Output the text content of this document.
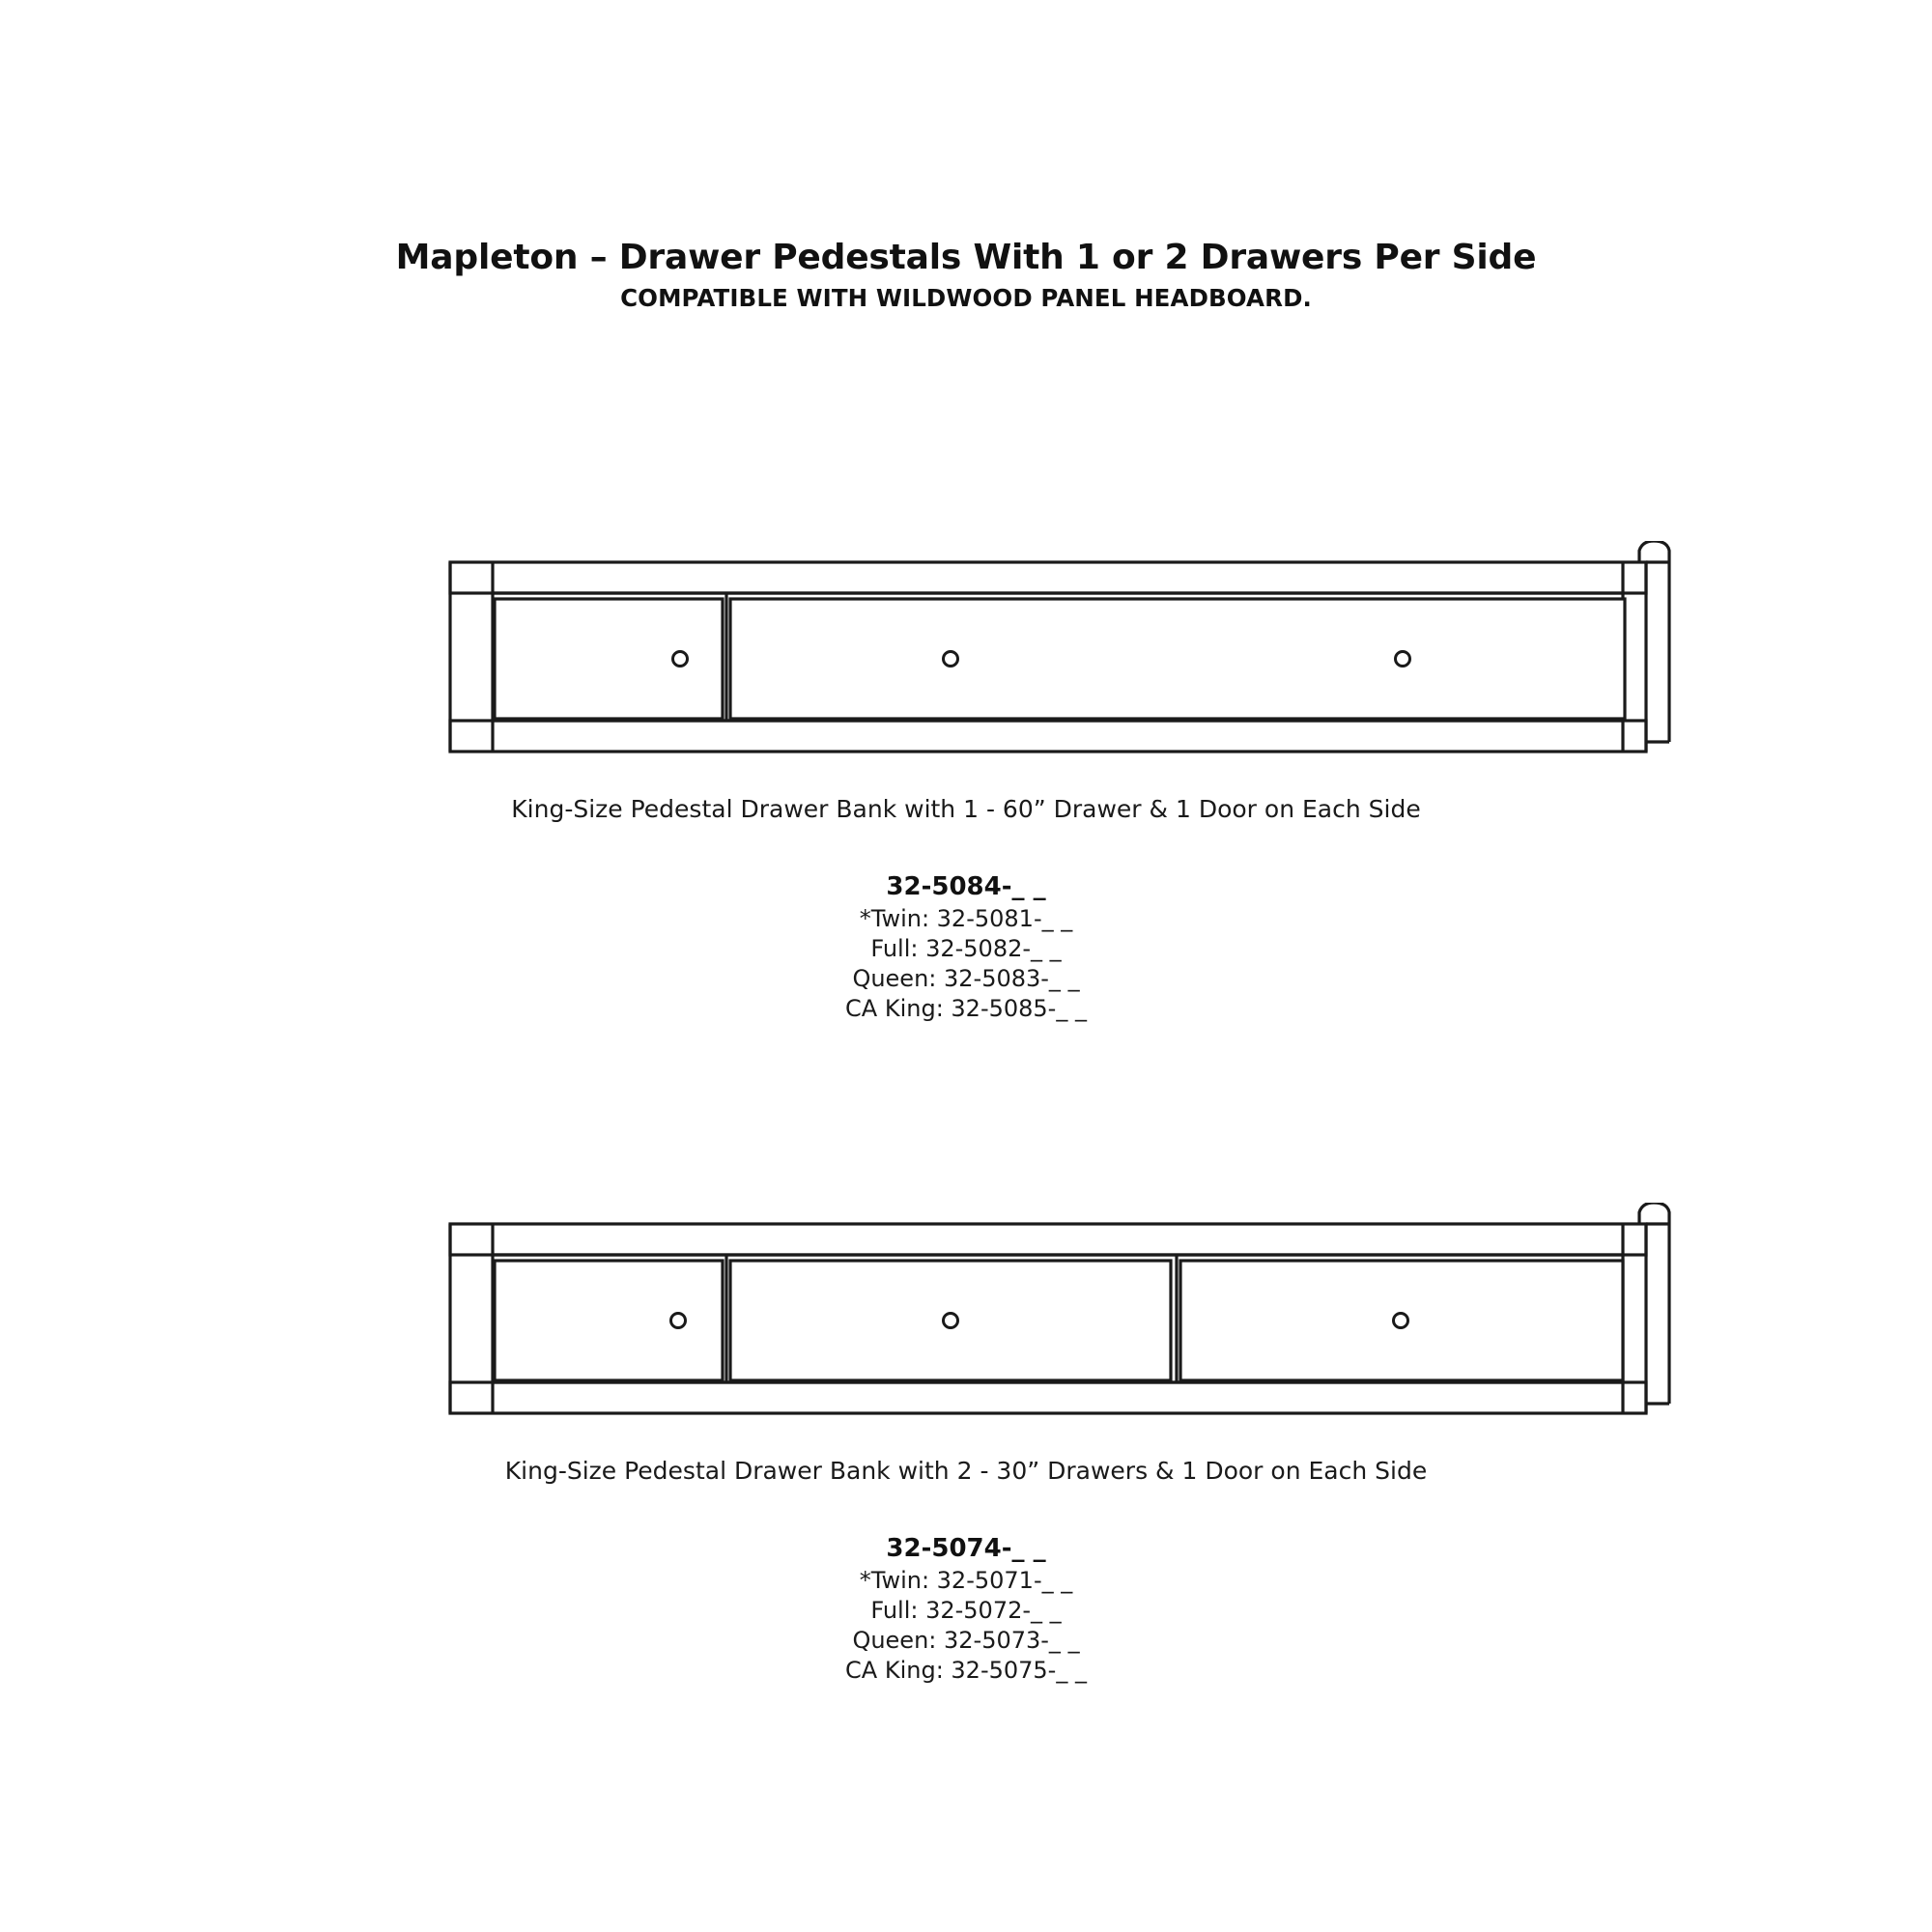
Mapleton – Drawer Pedestals With 1 or 2 Drawers Per Side
COMPATIBLE WITH WILDWOOD PANEL HEADBOARD.
King-Size Pedestal Drawer Bank with 1 - 60” Drawer & 1 Door on Each Side
32-5084-_ _
*Twin: 32-5081-_ _
Full: 32-5082-_ _
Queen: 32-5083-_ _
CA King: 32-5085-_ _
King-Size Pedestal Drawer Bank with 2 - 30” Drawers & 1 Door on Each Side
32-5074-_ _
*Twin: 32-5071-_ _
Full: 32-5072-_ _
Queen: 32-5073-_ _
CA King: 32-5075-_ _
